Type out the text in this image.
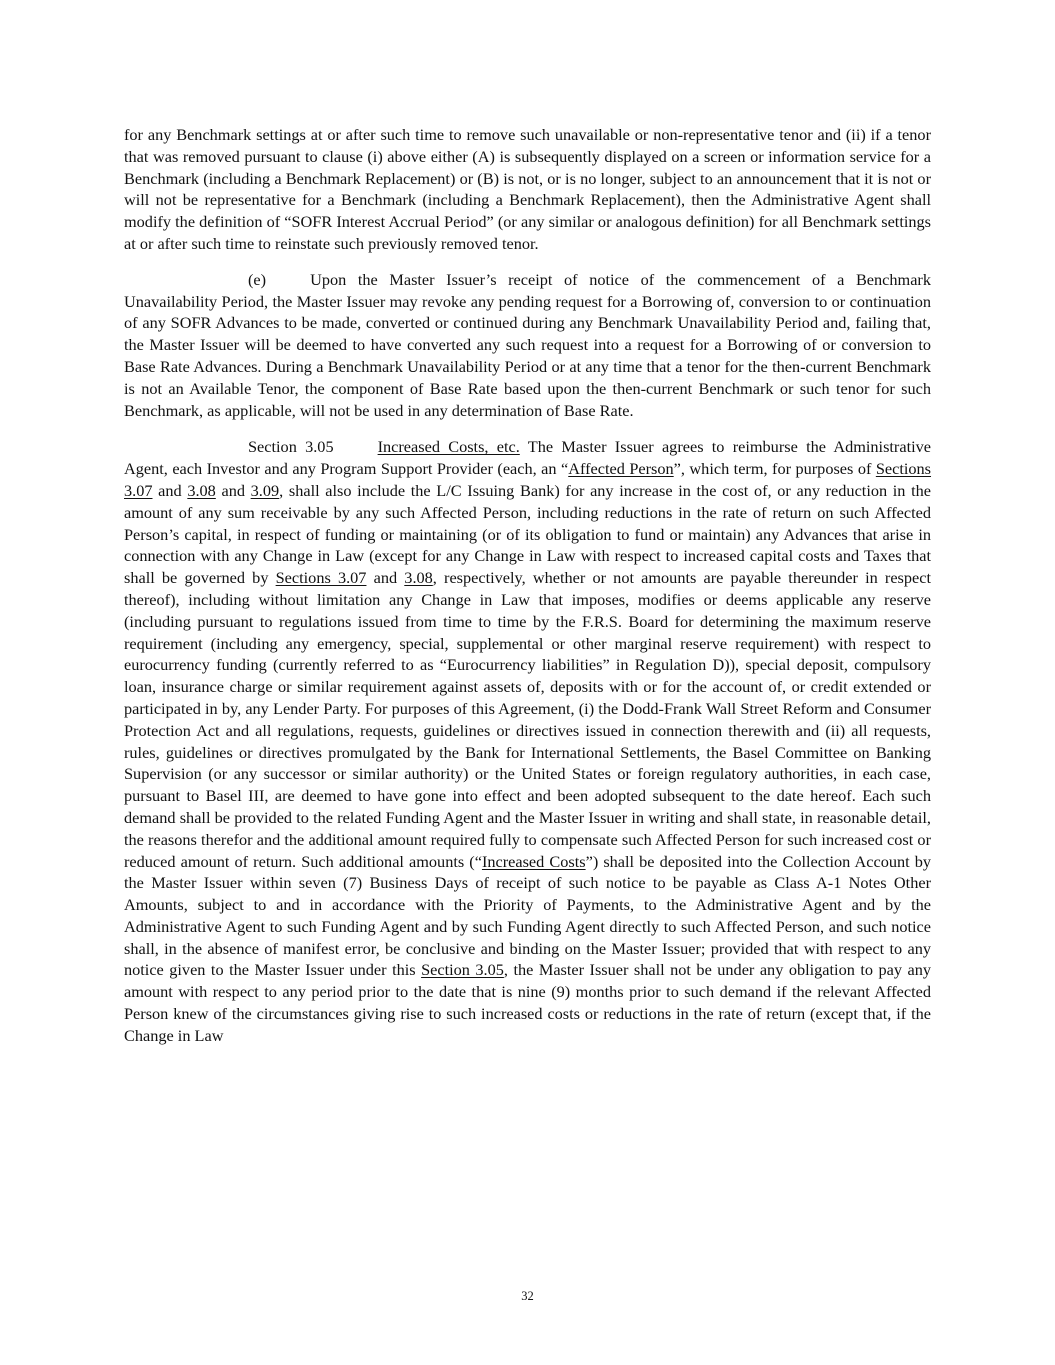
for any Benchmark settings at or after such time to remove such unavailable or non-representative tenor and (ii) if a tenor that was removed pursuant to clause (i) above either (A) is subsequently displayed on a screen or information service for a Benchmark (including a Benchmark Replacement) or (B) is not, or is no longer, subject to an announcement that it is not or will not be representative for a Benchmark (including a Benchmark Replacement), then the Administrative Agent shall modify the definition of “SOFR Interest Accrual Period” (or any similar or analogous definition) for all Benchmark settings at or after such time to reinstate such previously removed tenor.

(e)	Upon the Master Issuer’s receipt of notice of the commencement of a Benchmark Unavailability Period, the Master Issuer may revoke any pending request for a Borrowing of, conversion to or continuation of any SOFR Advances to be made, converted or continued during any Benchmark Unavailability Period and, failing that, the Master Issuer will be deemed to have converted any such request into a request for a Borrowing of or conversion to Base Rate Advances. During a Benchmark Unavailability Period or at any time that a tenor for the then-current Benchmark is not an Available Tenor, the component of Base Rate based upon the then-current Benchmark or such tenor for such Benchmark, as applicable, will not be used in any determination of Base Rate.

Section 3.05	Increased Costs, etc. The Master Issuer agrees to reimburse the Administrative Agent, each Investor and any Program Support Provider (each, an “Affected Person”, which term, for purposes of Sections 3.07 and 3.08 and 3.09, shall also include the L/C Issuing Bank) for any increase in the cost of, or any reduction in the amount of any sum receivable by any such Affected Person, including reductions in the rate of return on such Affected Person’s capital, in respect of funding or maintaining (or of its obligation to fund or maintain) any Advances that arise in connection with any Change in Law (except for any Change in Law with respect to increased capital costs and Taxes that shall be governed by Sections 3.07 and 3.08, respectively, whether or not amounts are payable thereunder in respect thereof), including without limitation any Change in Law that imposes, modifies or deems applicable any reserve (including pursuant to regulations issued from time to time by the F.R.S. Board for determining the maximum reserve requirement (including any emergency, special, supplemental or other marginal reserve requirement) with respect to eurocurrency funding (currently referred to as “Eurocurrency liabilities” in Regulation D)), special deposit, compulsory loan, insurance charge or similar requirement against assets of, deposits with or for the account of, or credit extended or participated in by, any Lender Party. For purposes of this Agreement, (i) the Dodd-Frank Wall Street Reform and Consumer Protection Act and all regulations, requests, guidelines or directives issued in connection therewith and (ii) all requests, rules, guidelines or directives promulgated by the Bank for International Settlements, the Basel Committee on Banking Supervision (or any successor or similar authority) or the United States or foreign regulatory authorities, in each case, pursuant to Basel III, are deemed to have gone into effect and been adopted subsequent to the date hereof. Each such demand shall be provided to the related Funding Agent and the Master Issuer in writing and shall state, in reasonable detail, the reasons therefor and the additional amount required fully to compensate such Affected Person for such increased cost or reduced amount of return. Such additional amounts (“Increased Costs”) shall be deposited into the Collection Account by the Master Issuer within seven (7) Business Days of receipt of such notice to be payable as Class A-1 Notes Other Amounts, subject to and in accordance with the Priority of Payments, to the Administrative Agent and by the Administrative Agent to such Funding Agent and by such Funding Agent directly to such Affected Person, and such notice shall, in the absence of manifest error, be conclusive and binding on the Master Issuer; provided that with respect to any notice given to the Master Issuer under this Section 3.05, the Master Issuer shall not be under any obligation to pay any amount with respect to any period prior to the date that is nine (9) months prior to such demand if the relevant Affected Person knew of the circumstances giving rise to such increased costs or reductions in the rate of return (except that, if the Change in Law

32
